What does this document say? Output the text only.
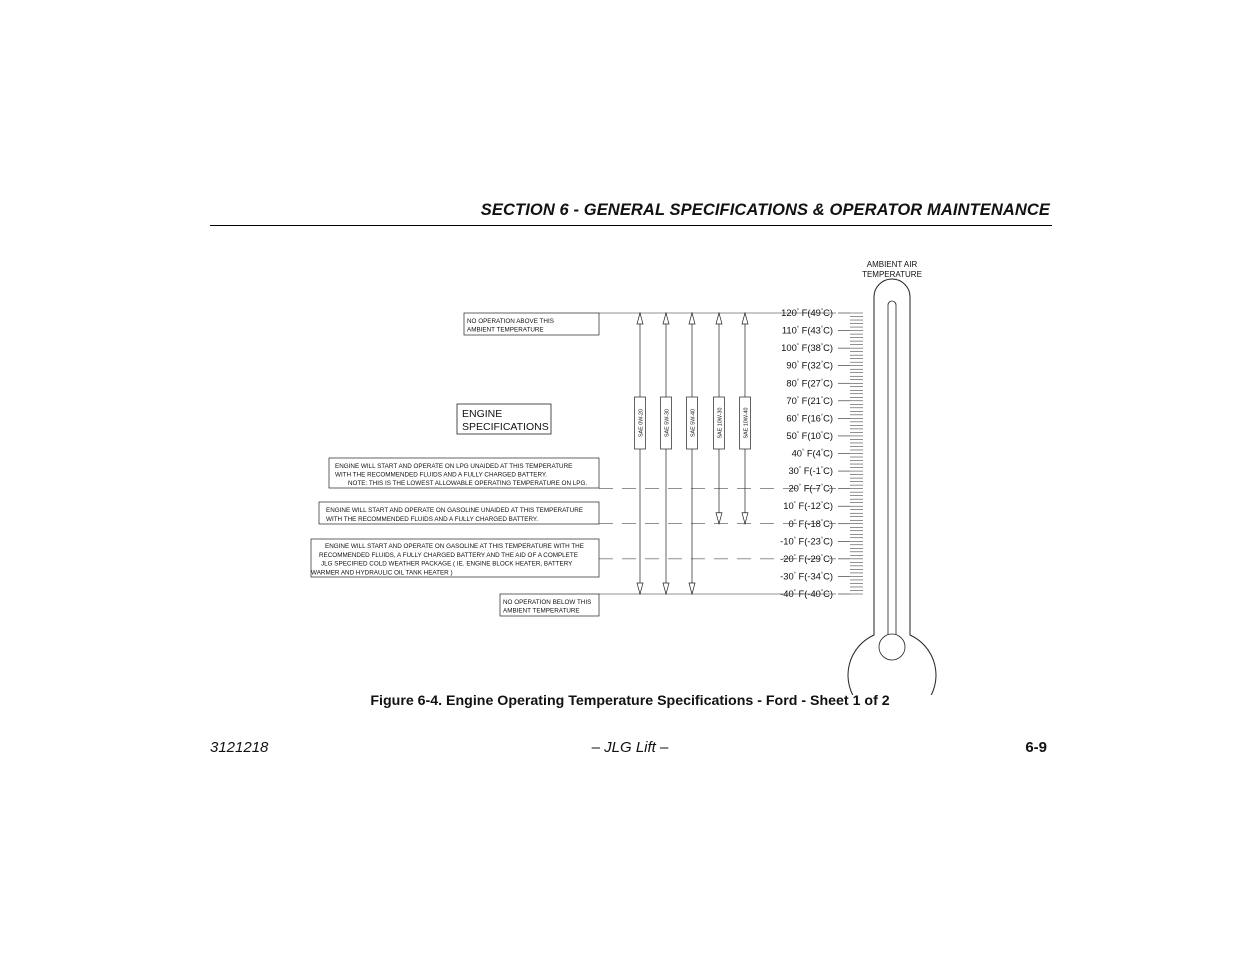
SECTION 6 - GENERAL SPECIFICATIONS & OPERATOR MAINTENANCE
AMBIENT AIR
TEMPERATURE
120° F(49°C)
110° F(43°C)
100° F(38°C)
90° F(32°C)
80° F(27°C)
70° F(21°C)
60° F(16°C)
50° F(10°C)
40° F(4°C)
30° F(-1°C)
20° F(-7°C)
10° F(-12°C)
0° F(-18°C)
-10° F(-23°C)
-20° F(-29°C)
-30° F(-34°C)
-40° F(-40°C)
SAE 0W-20	SAE 5W-30	SAE 5W-40	SAE 10W-30	SAE 10W-40
ENGINE
SPECIFICATIONS
NO OPERATION ABOVE THIS
AMBIENT TEMPERATURE
ENGINE WILL START AND OPERATE ON LPG UNAIDED AT THIS TEMPERATURE
WITH THE RECOMMENDED FLUIDS AND A FULLY CHARGED BATTERY.
NOTE: THIS IS THE LOWEST ALLOWABLE OPERATING TEMPERATURE ON LPG.
ENGINE WILL START AND OPERATE ON GASOLINE UNAIDED AT THIS TEMPERATURE
WITH THE RECOMMENDED FLUIDS AND A FULLY CHARGED BATTERY.
ENGINE WILL START AND OPERATE ON GASOLINE AT THIS TEMPERATURE WITH THE
RECOMMENDED FLUIDS, A FULLY CHARGED BATTERY AND THE AID OF A COMPLETE
JLG SPECIFIED COLD WEATHER PACKAGE ( IE. ENGINE BLOCK HEATER, BATTERY
WARMER AND HYDRAULIC OIL TANK HEATER )
NO OPERATION BELOW THIS
AMBIENT TEMPERATURE
Figure 6-4. Engine Operating Temperature Specifications - Ford - Sheet 1 of 2
3121218	– JLG Lift –	6-9
